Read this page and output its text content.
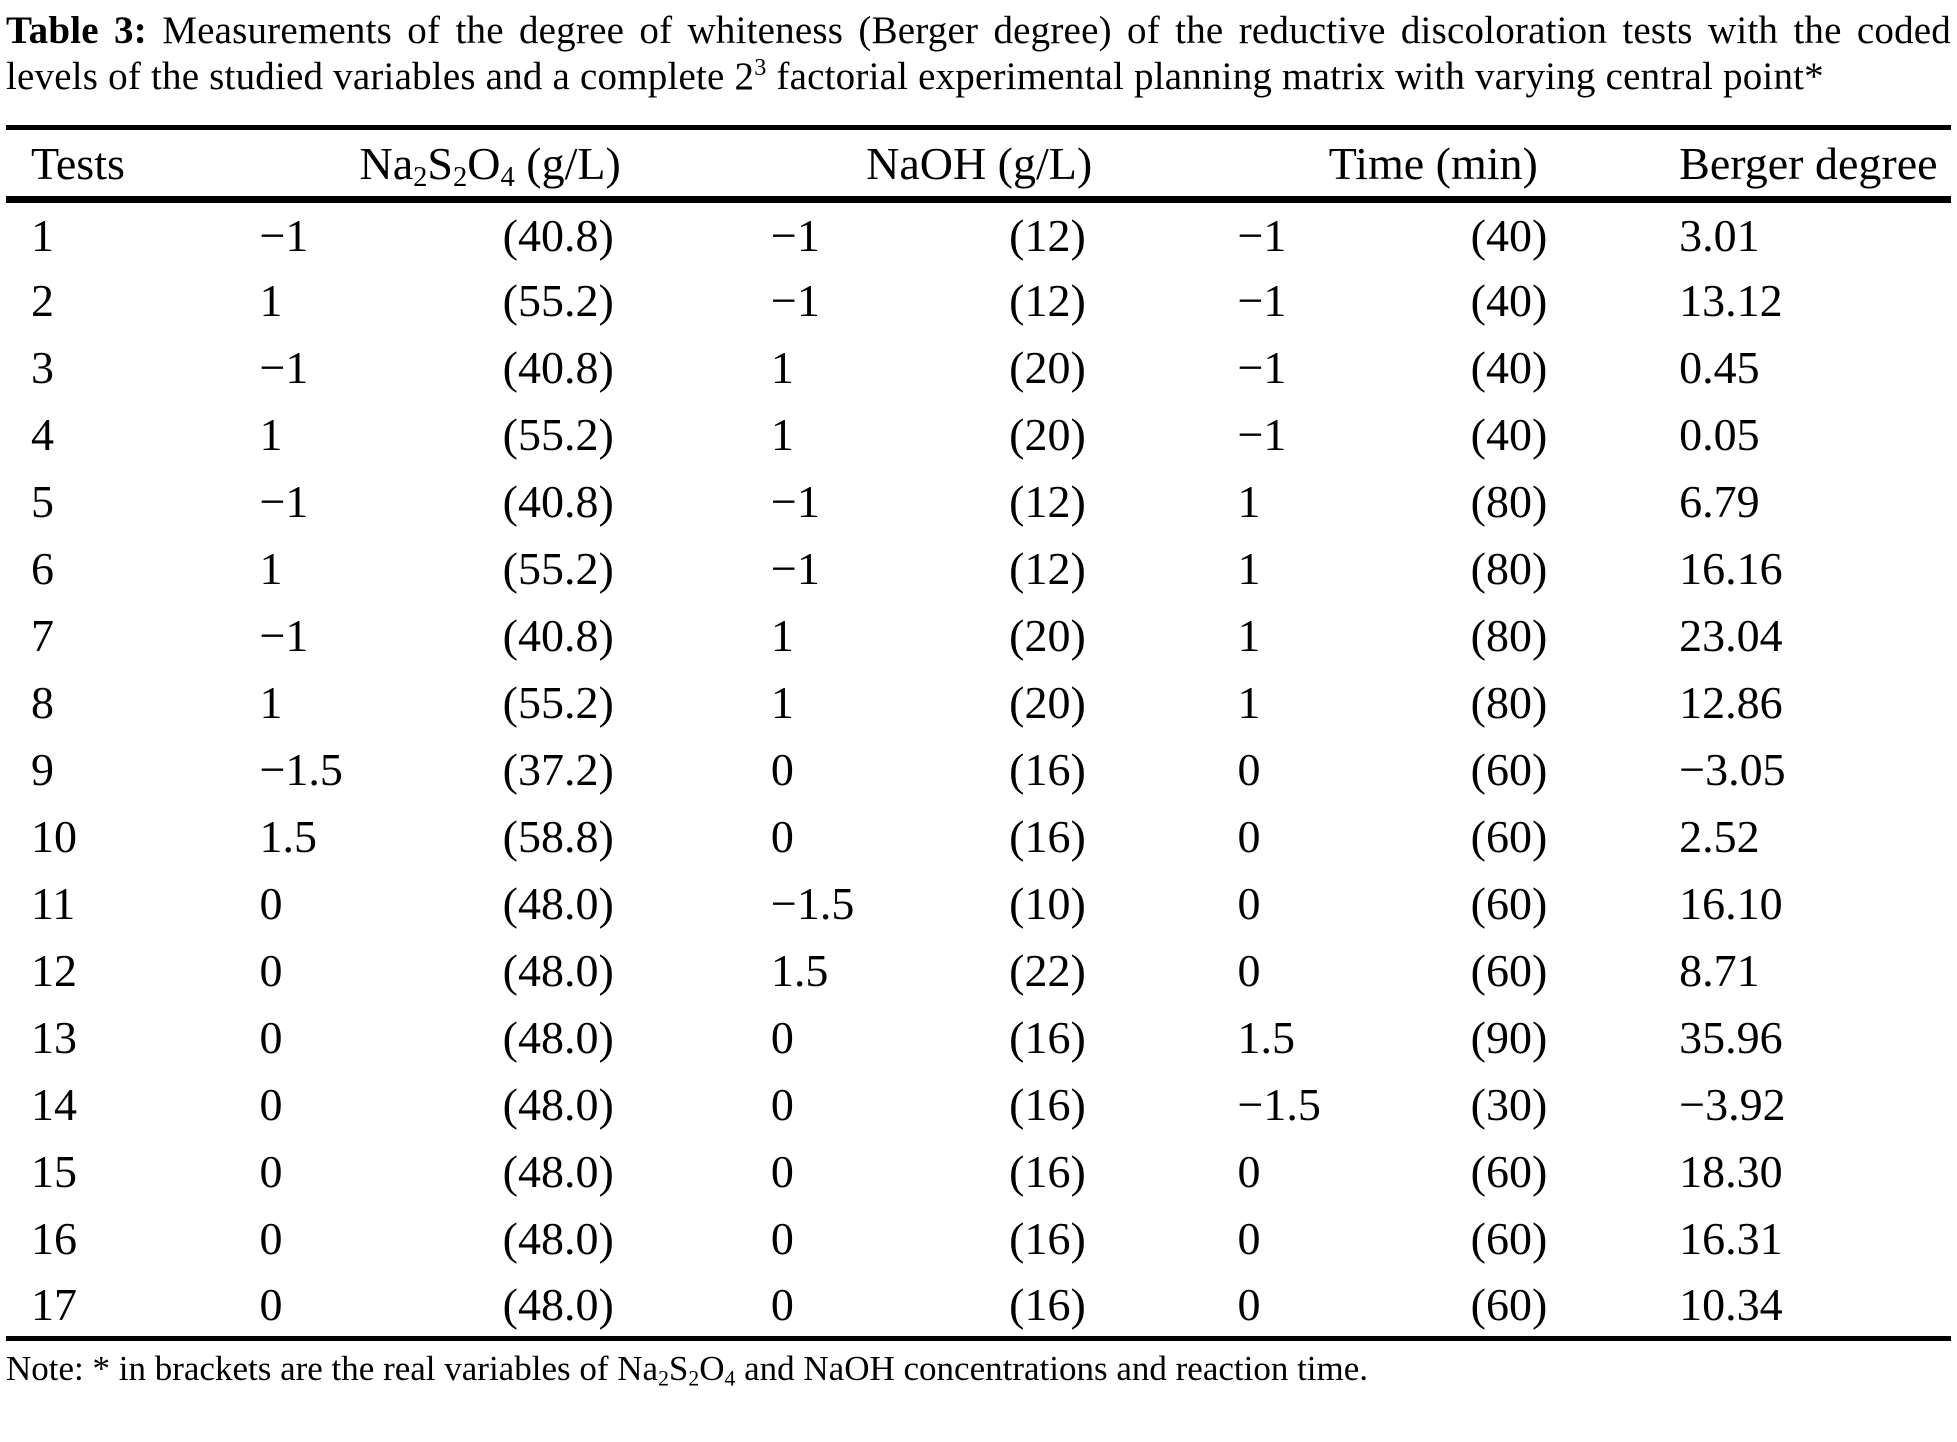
Table 3: Measurements of the degree of whiteness (Berger degree) of the reductive discoloration tests with the coded levels of the studied variables and a complete $2^3$ factorial experimental planning matrix with varying central point*

Tests	$Na_2S_2O_4$ (g/L)		NaOH (g/L)		Time (min)		Berger degree
1	−1	(40.8)	−1	(12)	−1	(40)	3.01
2	1	(55.2)	−1	(12)	−1	(40)	13.12
3	−1	(40.8)	1	(20)	−1	(40)	0.45
4	1	(55.2)	1	(20)	−1	(40)	0.05
5	−1	(40.8)	−1	(12)	1	(80)	6.79
6	1	(55.2)	−1	(12)	1	(80)	16.16
7	−1	(40.8)	1	(20)	1	(80)	23.04
8	1	(55.2)	1	(20)	1	(80)	12.86
9	−1.5	(37.2)	0	(16)	0	(60)	−3.05
10	1.5	(58.8)	0	(16)	0	(60)	2.52
11	0	(48.0)	−1.5	(10)	0	(60)	16.10
12	0	(48.0)	1.5	(22)	0	(60)	8.71
13	0	(48.0)	0	(16)	1.5	(90)	35.96
14	0	(48.0)	0	(16)	−1.5	(30)	−3.92
15	0	(48.0)	0	(16)	0	(60)	18.30
16	0	(48.0)	0	(16)	0	(60)	16.31
17	0	(48.0)	0	(16)	0	(60)	10.34

Note: * in brackets are the real variables of $Na_2S_2O_4$ and NaOH concentrations and reaction time.
